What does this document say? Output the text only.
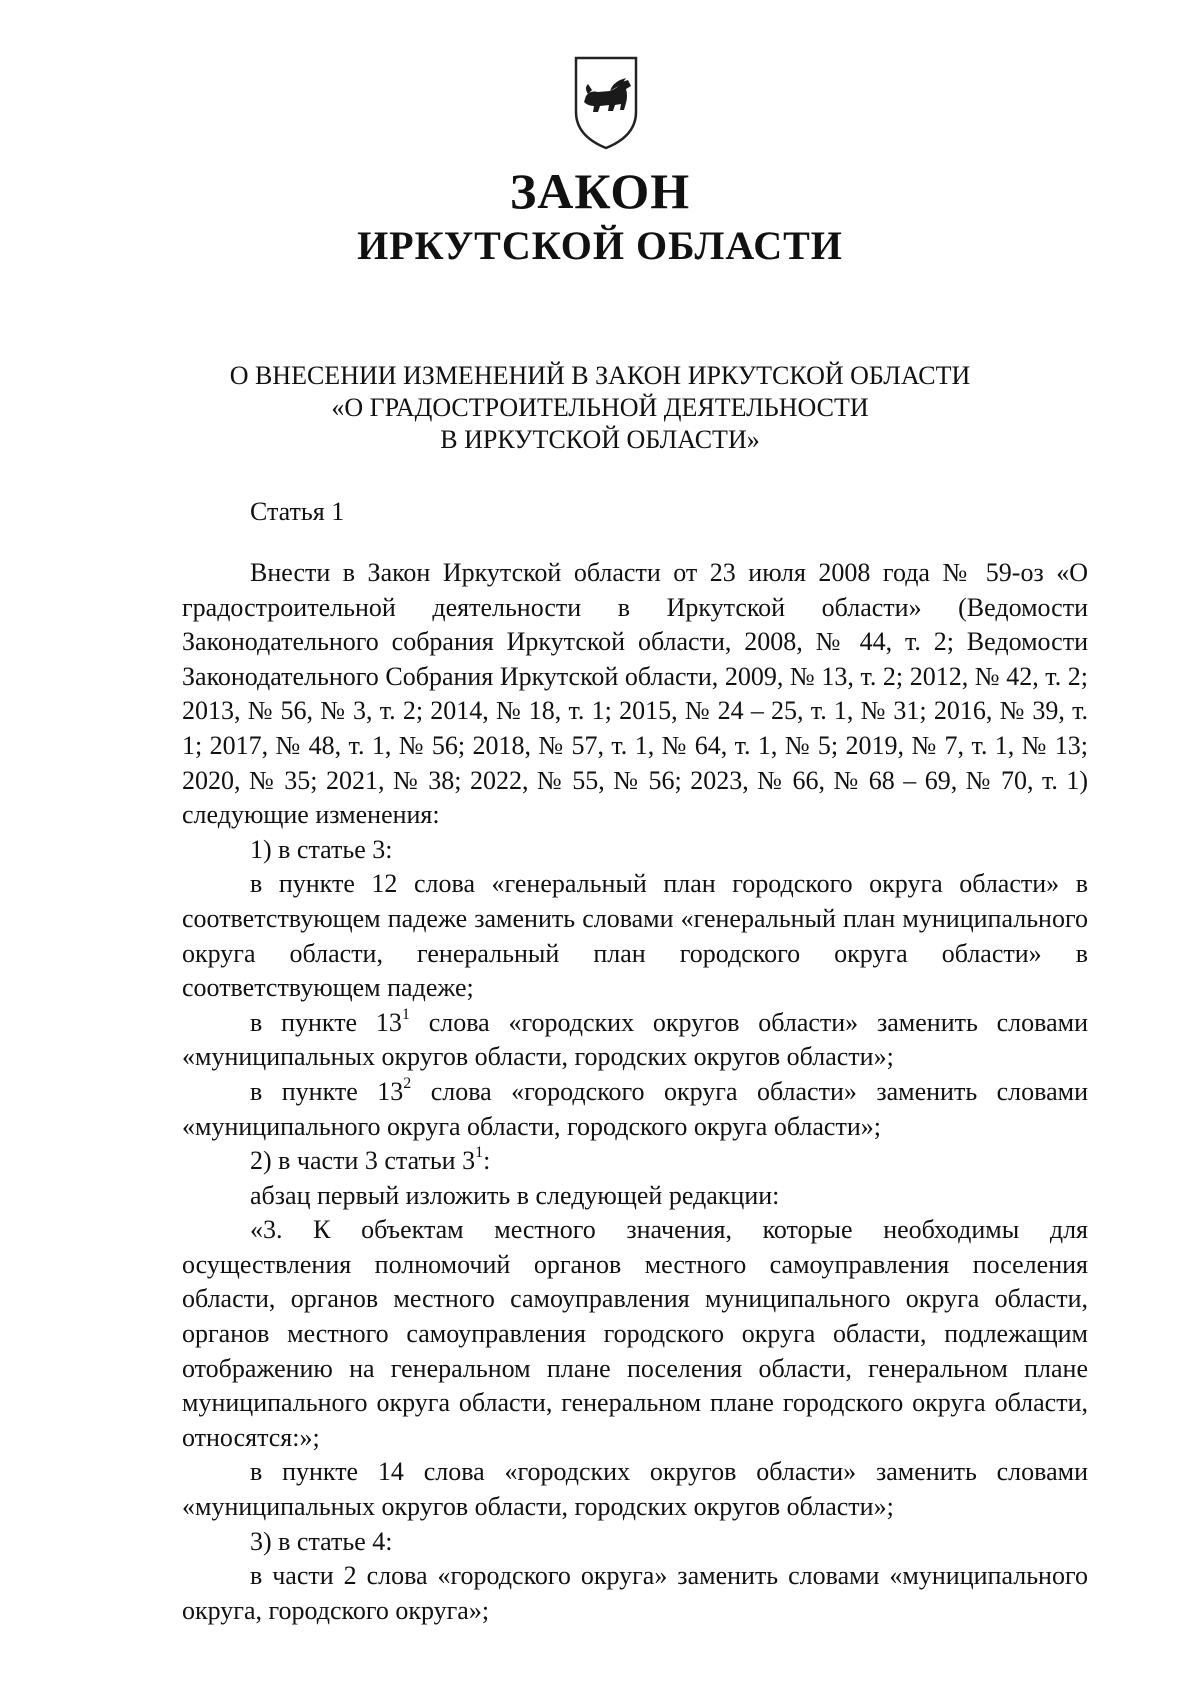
ЗАКОН
ИРКУТСКОЙ ОБЛАСТИ
О ВНЕСЕНИИ ИЗМЕНЕНИЙ В ЗАКОН ИРКУТСКОЙ ОБЛАСТИ
«О ГРАДОСТРОИТЕЛЬНОЙ ДЕЯТЕЛЬНОСТИ
В ИРКУТСКОЙ ОБЛАСТИ»
Статья 1

Внести в Закон Иркутской области от 23 июля 2008 года № 59-оз «О градостроительной деятельности в Иркутской области» (Ведомости Законодательного собрания Иркутской области, 2008, № 44, т. 2; Ведомости Законодательного Собрания Иркутской области, 2009, № 13, т. 2; 2012, № 42, т. 2; 2013, № 56, № 3, т. 2; 2014, № 18, т. 1; 2015, № 24 – 25, т. 1, № 31; 2016, № 39, т. 1; 2017, № 48, т. 1, № 56; 2018, № 57, т. 1, № 64, т. 1, № 5; 2019, № 7, т. 1, № 13; 2020, № 35; 2021, № 38; 2022, № 55, № 56; 2023, № 66, № 68 – 69, № 70, т. 1) следующие изменения:

1) в статье 3:

в пункте 12 слова «генеральный план городского округа области» в соответствующем падеже заменить словами «генеральный план муниципального округа области, генеральный план городского округа области» в соответствующем падеже;

в пункте $13^1$ слова «городских округов области» заменить словами «муниципальных округов области, городских округов области»;

в пункте $13^2$ слова «городского округа области» заменить словами «муниципального округа области, городского округа области»;

2) в части 3 статьи $3^1$:

абзац первый изложить в следующей редакции:

«3. К объектам местного значения, которые необходимы для осуществления полномочий органов местного самоуправления поселения области, органов местного самоуправления муниципального округа области, органов местного самоуправления городского округа области, подлежащим отображению на генеральном плане поселения области, генеральном плане муниципального округа области, генеральном плане городского округа области, относятся:»;

в пункте 14 слова «городских округов области» заменить словами «муниципальных округов области, городских округов области»;

3) в статье 4:

в части 2 слова «городского округа» заменить словами «муниципального округа, городского округа»;
